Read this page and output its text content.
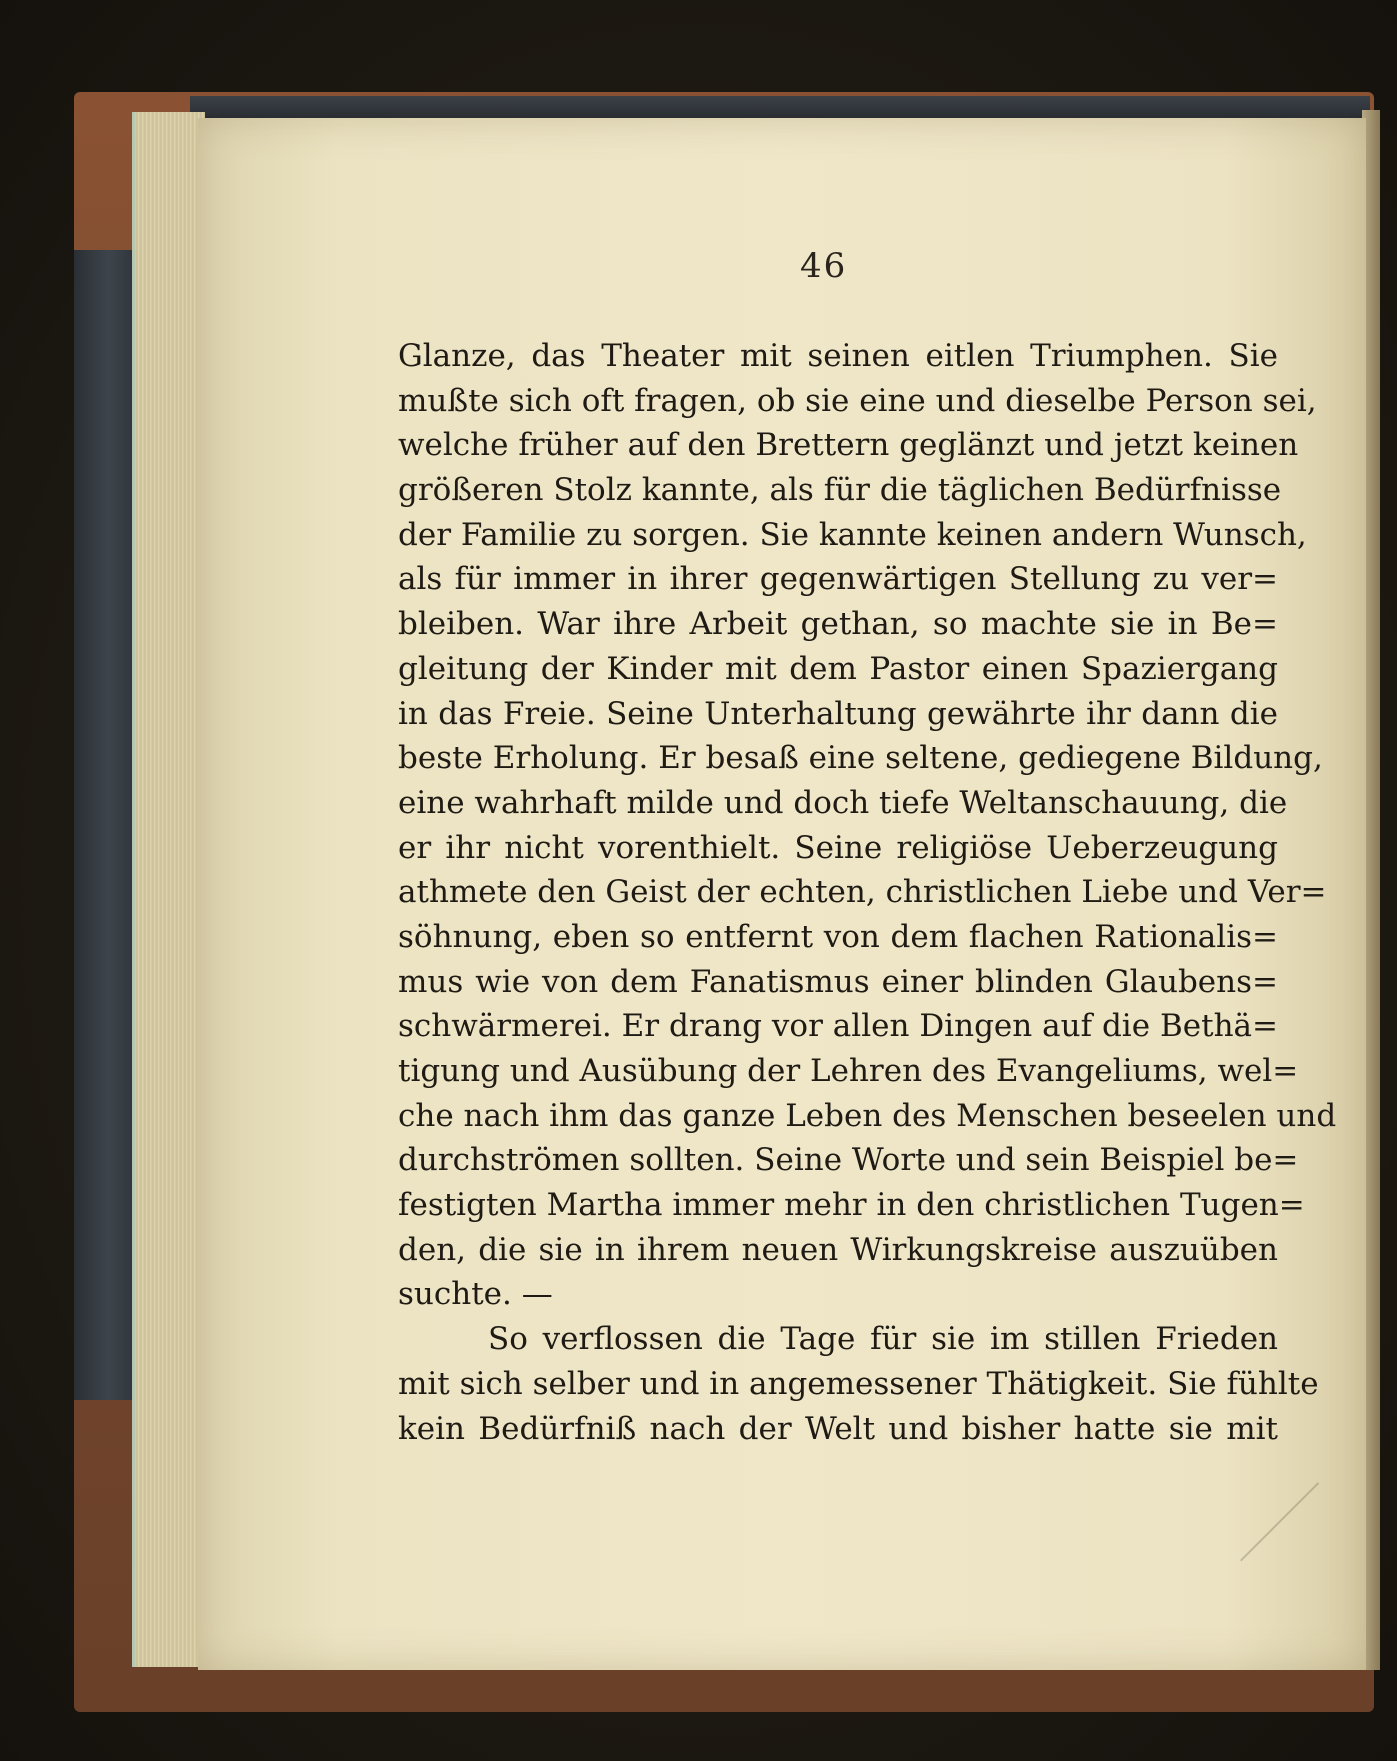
46
Glanze, das Theater mit seinen eitlen Triumphen. Sie
mußte sich oft fragen, ob sie eine und dieselbe Person sei,
welche früher auf den Brettern geglänzt und jetzt keinen
größeren Stolz kannte, als für die täglichen Bedürfnisse
der Familie zu sorgen. Sie kannte keinen andern Wunsch,
als für immer in ihrer gegenwärtigen Stellung zu ver=
bleiben. War ihre Arbeit gethan, so machte sie in Be=
gleitung der Kinder mit dem Pastor einen Spaziergang
in das Freie. Seine Unterhaltung gewährte ihr dann die
beste Erholung. Er besaß eine seltene, gediegene Bildung,
eine wahrhaft milde und doch tiefe Weltanschauung, die
er ihr nicht vorenthielt. Seine religiöse Ueberzeugung
athmete den Geist der echten, christlichen Liebe und Ver=
söhnung, eben so entfernt von dem flachen Rationalis=
mus wie von dem Fanatismus einer blinden Glaubens=
schwärmerei. Er drang vor allen Dingen auf die Bethä=
tigung und Ausübung der Lehren des Evangeliums, wel=
che nach ihm das ganze Leben des Menschen beseelen und
durchströmen sollten. Seine Worte und sein Beispiel be=
festigten Martha immer mehr in den christlichen Tugen=
den, die sie in ihrem neuen Wirkungskreise auszuüben
suchte. —
So verflossen die Tage für sie im stillen Frieden
mit sich selber und in angemessener Thätigkeit. Sie fühlte
kein Bedürfniß nach der Welt und bisher hatte sie mit
